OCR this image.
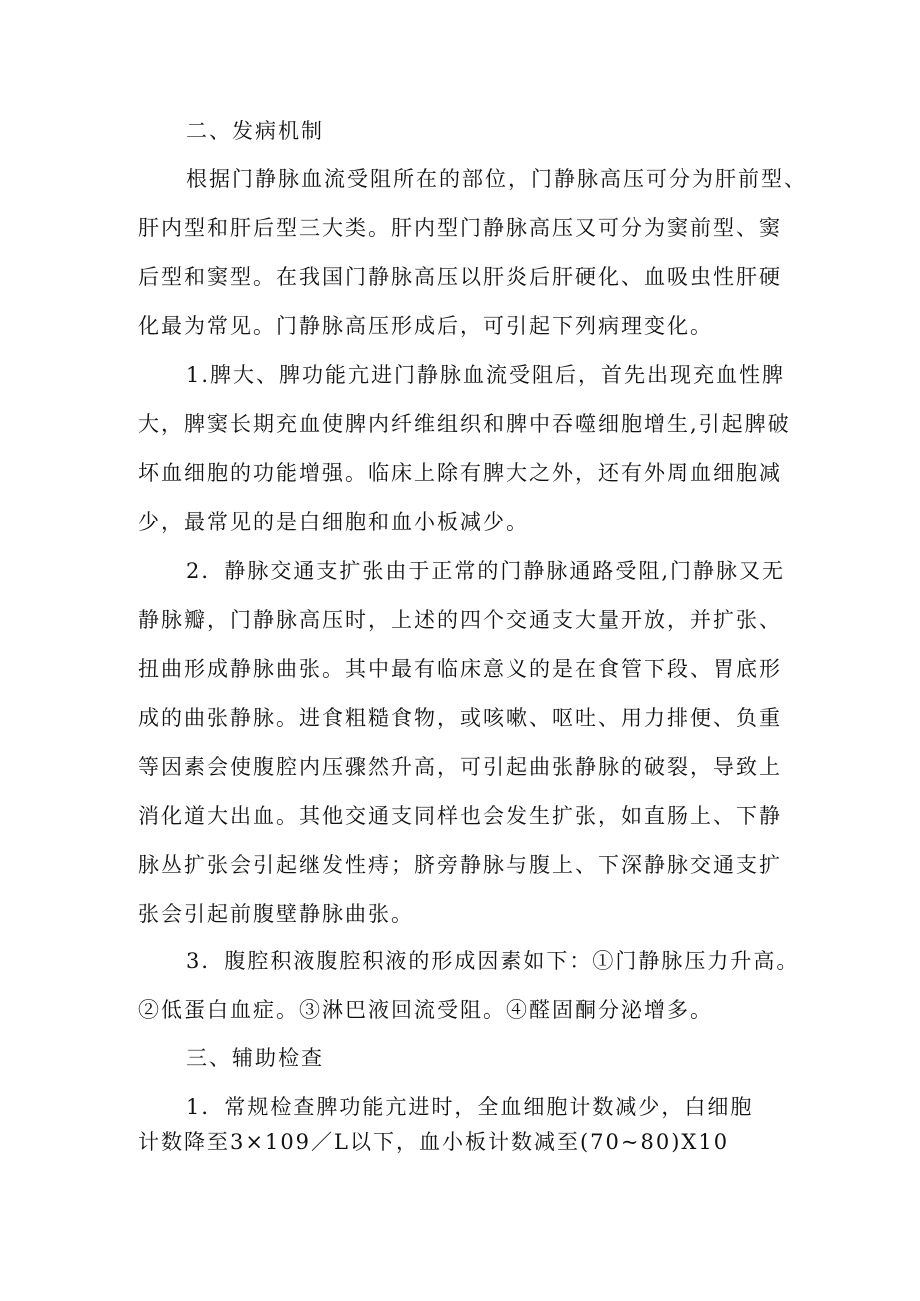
二、发病机制
根据门静脉血流受阻所在的部位，门静脉高压可分为肝前型、
肝内型和肝后型三大类。肝内型门静脉高压又可分为窦前型、窦
后型和窦型。在我国门静脉高压以肝炎后肝硬化、血吸虫性肝硬
化最为常见。门静脉高压形成后，可引起下列病理变化。
1.脾大、脾功能亢进门静脉血流受阻后，首先出现充血性脾
大，脾窦长期充血使脾内纤维组织和脾中吞噬细胞增生,引起脾破
坏血细胞的功能增强。临床上除有脾大之外，还有外周血细胞减
少，最常见的是白细胞和血小板减少。
2．静脉交通支扩张由于正常的门静脉通路受阻,门静脉又无
静脉瓣，门静脉高压时，上述的四个交通支大量开放，并扩张、
扭曲形成静脉曲张。其中最有临床意义的是在食管下段、胃底形
成的曲张静脉。进食粗糙食物，或咳嗽、呕吐、用力排便、负重
等因素会使腹腔内压骤然升高，可引起曲张静脉的破裂，导致上
消化道大出血。其他交通支同样也会发生扩张，如直肠上、下静
脉丛扩张会引起继发性痔；脐旁静脉与腹上、下深静脉交通支扩
张会引起前腹壁静脉曲张。
3．腹腔积液腹腔积液的形成因素如下：①门静脉压力升高。
②低蛋白血症。③淋巴液回流受阻。④醛固酮分泌增多。
三、辅助检查
1．常规检查脾功能亢进时，全血细胞计数减少，白细胞
计数降至3×109／L以下，血小板计数减至(70~80)X10
